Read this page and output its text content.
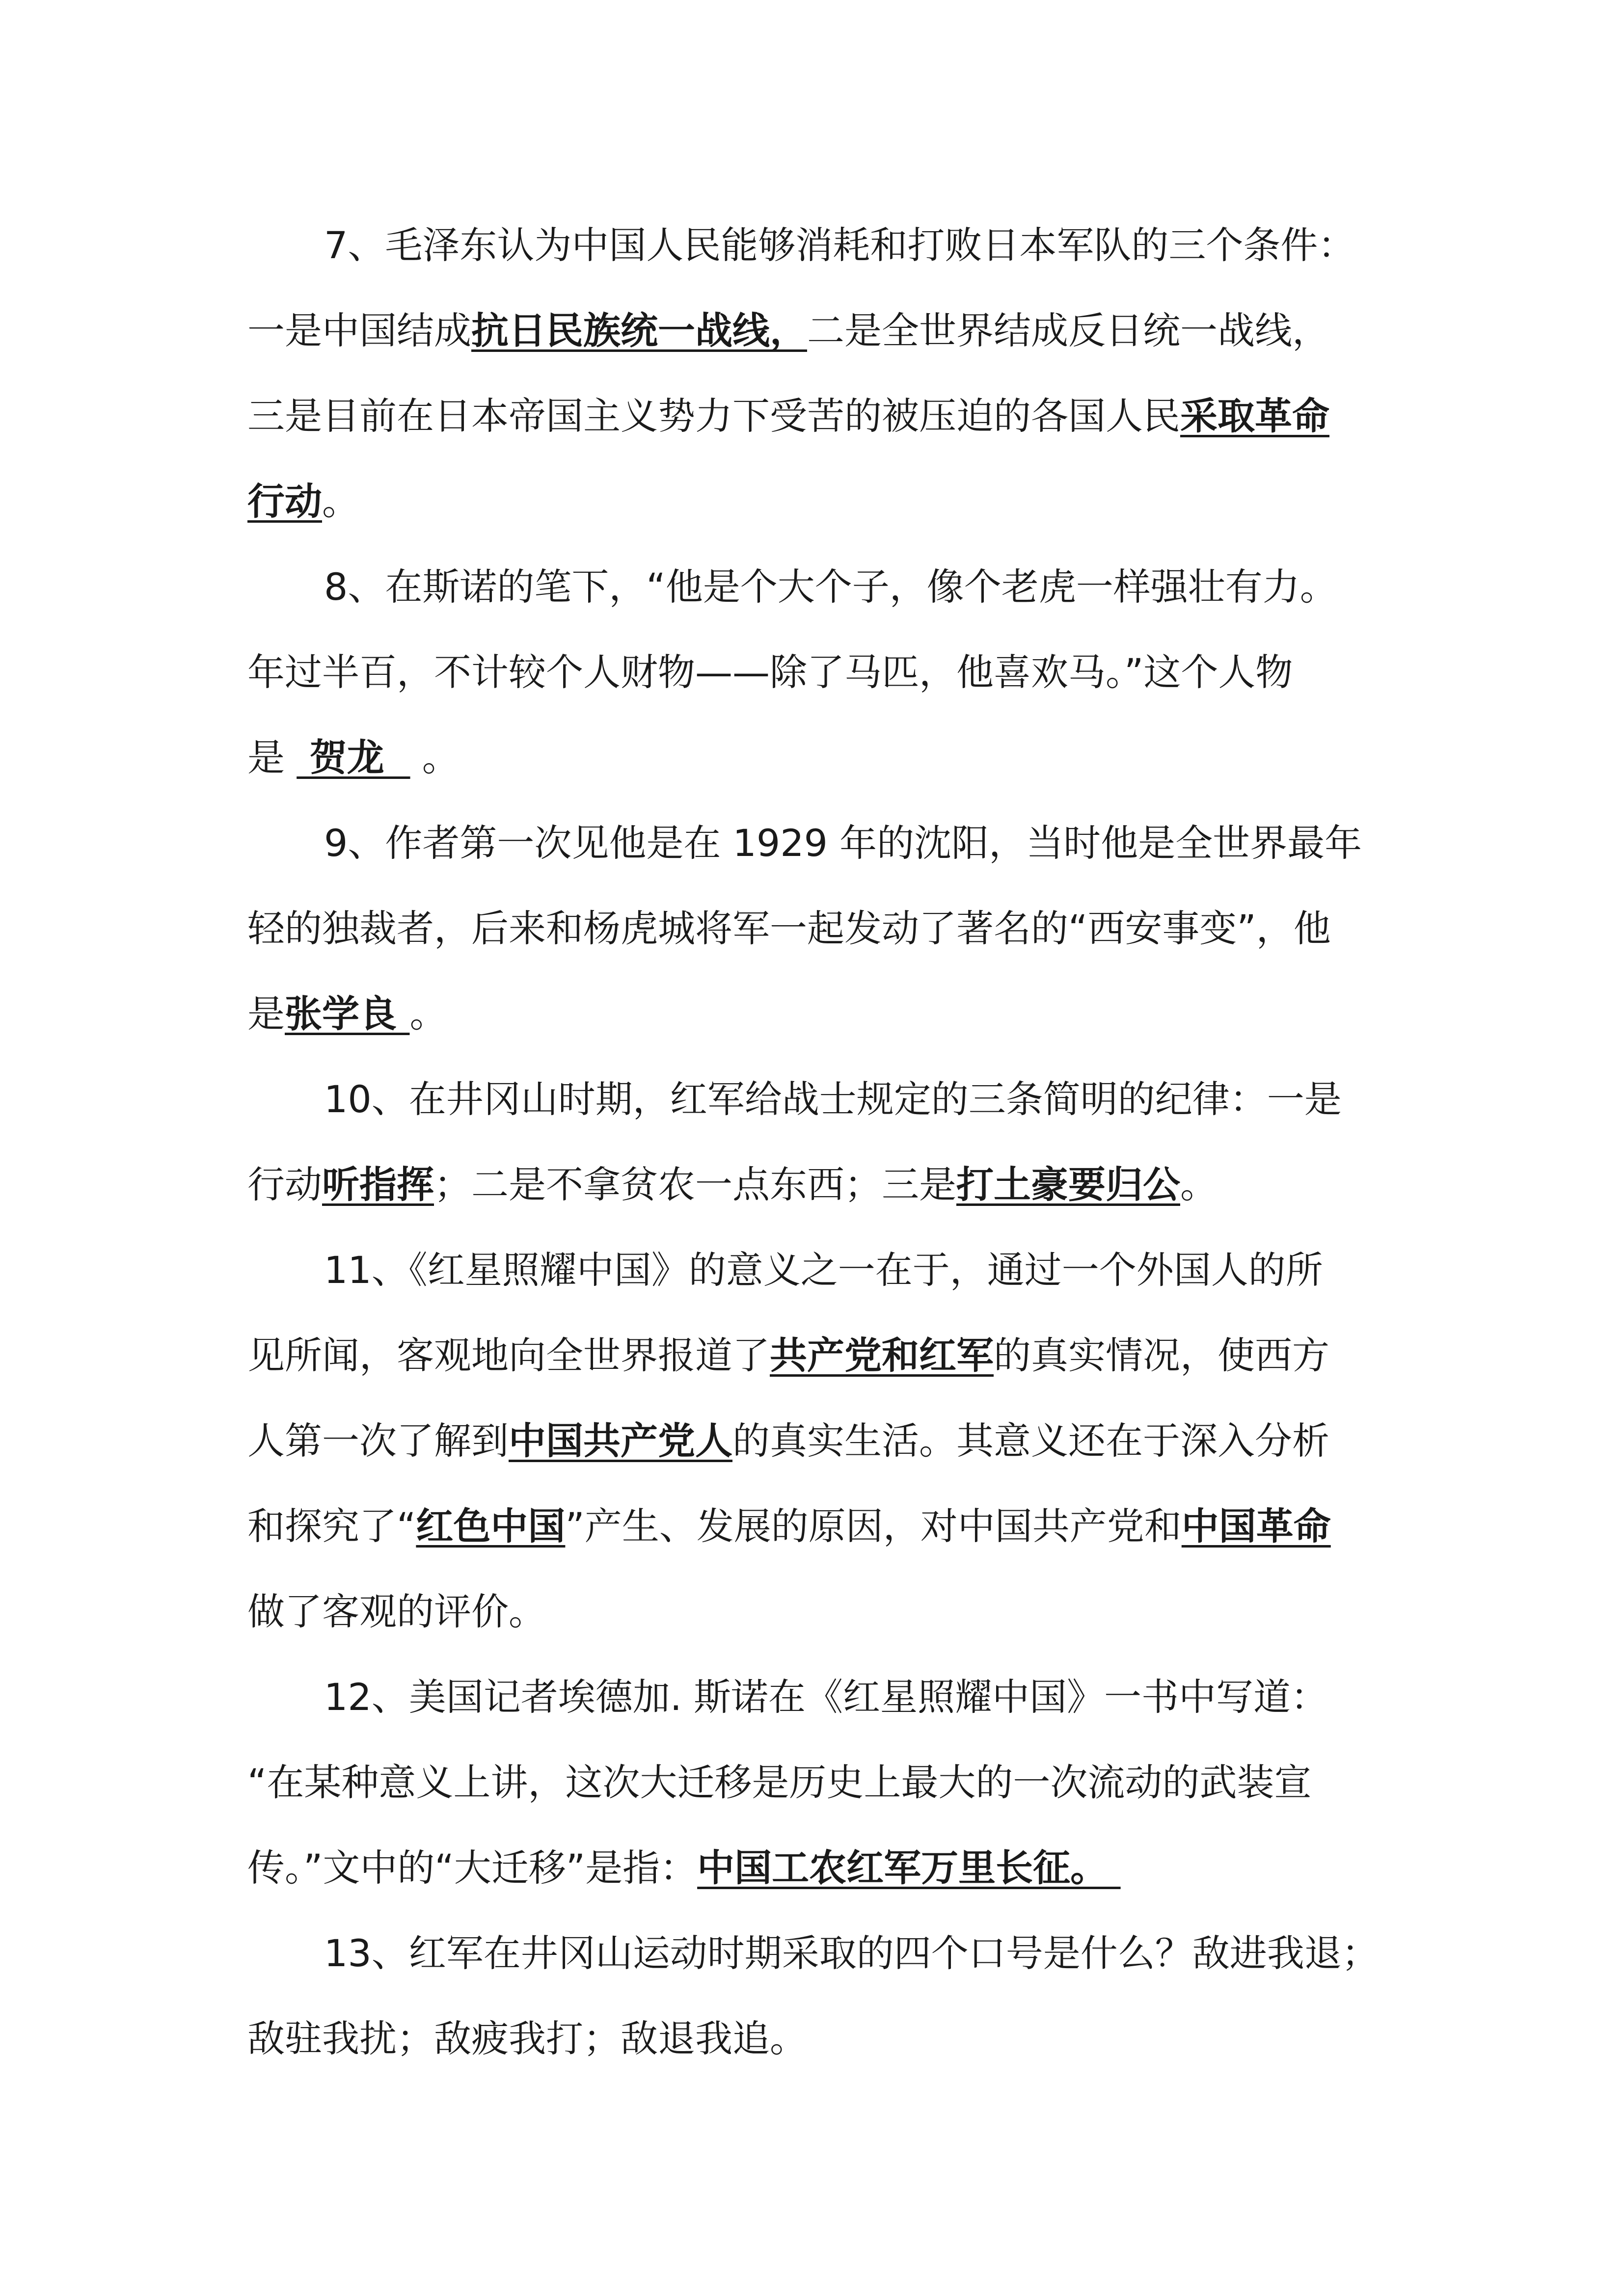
7、毛泽东认为中国人民能够消耗和打败日本军队的三个条件：

一是中国结成抗日民族统一战线，二是全世界结成反日统一战线，

三是目前在日本帝国主义势力下受苦的被压迫的各国人民采取革命

行动。

8、在斯诺的笔下，“他是个大个子，像个老虎一样强壮有力。

年过半百，不计较个人财物——除了马匹，他喜欢马。”这个人物

是  贺龙   。

9、作者第一次见他是在 1929 年的沈阳，当时他是全世界最年

轻的独裁者，后来和杨虎城将军一起发动了著名的“西安事变”，他

是张学良 。

10、在井冈山时期，红军给战士规定的三条简明的纪律：一是

行动听指挥；二是不拿贫农一点东西；三是打土豪要归公。

11、《红星照耀中国》的意义之一在于，通过一个外国人的所

见所闻，客观地向全世界报道了共产党和红军的真实情况，使西方

人第一次了解到中国共产党人的真实生活。其意义还在于深入分析

和探究了“红色中国”产生、发展的原因，对中国共产党和中国革命

做了客观的评价。

12、美国记者埃德加. 斯诺在《红星照耀中国》一书中写道：

“在某种意义上讲，这次大迁移是历史上最大的一次流动的武装宣

传。”文中的“大迁移”是指：中国工农红军万里长征。

13、红军在井冈山运动时期采取的四个口号是什么？敌进我退；

敌驻我扰；敌疲我打；敌退我追。
